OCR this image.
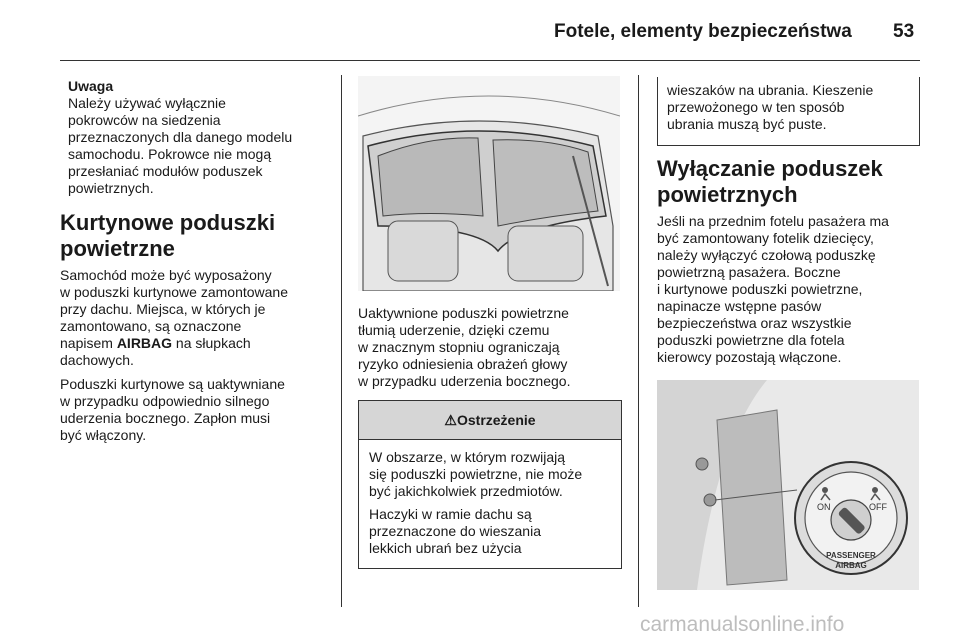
Fotele, elementy bezpieczeństwa 53
Uwaga
Należy używać wyłącznie
pokrowców na siedzenia
przeznaczonych dla danego modelu
samochodu. Pokrowce nie mogą
przesłaniać modułów poduszek
powietrznych.
Kurtynowe poduszki
powietrzne
Samochód może być wyposażony
w poduszki kurtynowe zamontowane
przy dachu. Miejsca, w których je
zamontowano, są oznaczone
napisem AIRBAG na słupkach
dachowych.
Poduszki kurtynowe są uaktywniane
w przypadku odpowiednio silnego
uderzenia bocznego. Zapłon musi
być włączony.
Uaktywnione poduszki powietrzne
tłumią uderzenie, dzięki czemu
w znacznym stopniu ograniczają
ryzyko odniesienia obrażeń głowy
w przypadku uderzenia bocznego.
⚠ Ostrzeżenie

W obszarze, w którym rozwijają
się poduszki powietrzne, nie może
być jakichkolwiek przedmiotów.

Haczyki w ramie dachu są
przeznaczone do wieszania
lekkich ubrań bez użycia

wieszaków na ubrania. Kieszenie
przewożonego w ten sposób
ubrania muszą być puste.

Wyłączanie poduszek
powietrznych
Jeśli na przednim fotelu pasażera ma
być zamontowany fotelik dziecięcy,
należy wyłączyć czołową poduszkę
powietrzną pasażera. Boczne
i kurtynowe poduszki powietrzne,
napinacze wstępne pasów
bezpieczeństwa oraz wszystkie
poduszki powietrzne dla fotela
kierowcy pozostają włączone.
ON	OFF
PASSENGER
AIRBAG
carmanualsonline.info
